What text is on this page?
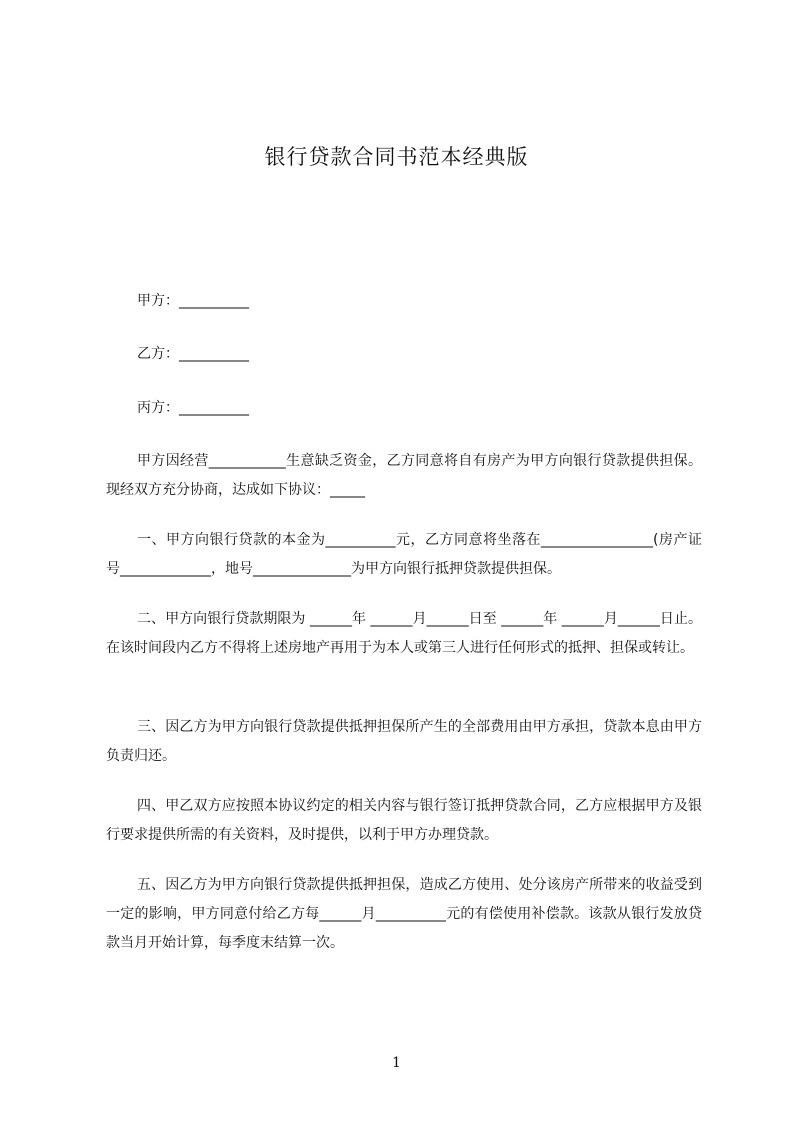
银行贷款合同书范本经典版
甲方：__________
乙方：__________
丙方：__________
甲方因经营___________生意缺乏资金，乙方同意将自有房产为甲方向银行贷款提供担保。现经双方充分协商，达成如下协议：_____
一、甲方向银行贷款的本金为__________元，乙方同意将坐落在________________(房产证号_____________，地号______________为甲方向银行抵押贷款提供担保。
二、甲方向银行贷款期限为 ______年 ______月______日至 ______年 ______月______日止。在该时间段内乙方不得将上述房地产再用于为本人或第三人进行任何形式的抵押、担保或转让。
三、因乙方为甲方向银行贷款提供抵押担保所产生的全部费用由甲方承担，贷款本息由甲方负责归还。
四、甲乙双方应按照本协议约定的相关内容与银行签订抵押贷款合同，乙方应根据甲方及银行要求提供所需的有关资料，及时提供，以利于甲方办理贷款。
五、因乙方为甲方向银行贷款提供抵押担保，造成乙方使用、处分该房产所带来的收益受到一定的影响，甲方同意付给乙方每______月__________元的有偿使用补偿款。该款从银行发放贷款当月开始计算，每季度末结算一次。
1
